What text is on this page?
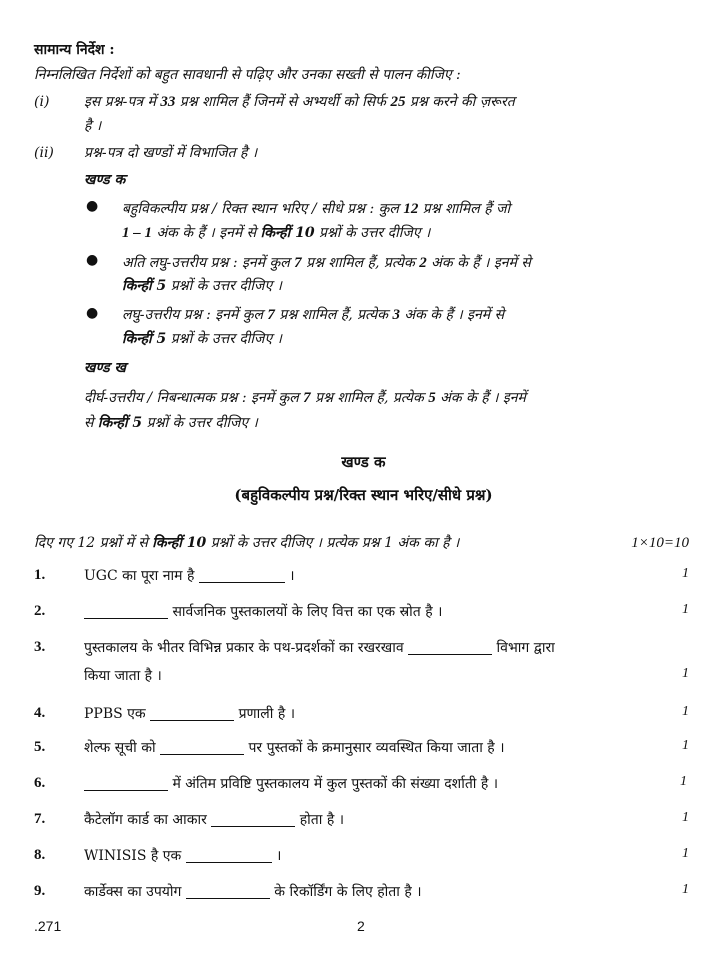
सामान्य निर्देश :
निम्नलिखित निर्देशों को बहुत सावधानी से पढ़िए और उनका सख्ती से पालन कीजिए :
(i) इस प्रश्न-पत्र में 33 प्रश्न शामिल हैं जिनमें से अभ्यर्थी को सिर्फ 25 प्रश्न करने की ज़रूरत
है ।
(ii) प्रश्न-पत्र दो खण्डों में विभाजित है ।
खण्ड क
● बहुविकल्पीय प्रश्न / रिक्त स्थान भरिए / सीधे प्रश्न : कुल 12 प्रश्न शामिल हैं जो
1 – 1 अंक के हैं । इनमें से किन्हीं 10 प्रश्नों के उत्तर दीजिए ।
● अति लघु-उत्तरीय प्रश्न : इनमें कुल 7 प्रश्न शामिल हैं, प्रत्येक 2 अंक के हैं । इनमें से
किन्हीं 5 प्रश्नों के उत्तर दीजिए ।
● लघु-उत्तरीय प्रश्न : इनमें कुल 7 प्रश्न शामिल हैं, प्रत्येक 3 अंक के हैं । इनमें से
किन्हीं 5 प्रश्नों के उत्तर दीजिए ।
खण्ड ख
दीर्घ-उत्तरीय / निबन्धात्मक प्रश्न : इनमें कुल 7 प्रश्न शामिल हैं, प्रत्येक 5 अंक के हैं । इनमें
से किन्हीं 5 प्रश्नों के उत्तर दीजिए ।
खण्ड क
(बहुविकल्पीय प्रश्न/रिक्त स्थान भरिए/सीधे प्रश्न)
दिए गए 12 प्रश्नों में से किन्हीं 10 प्रश्नों के उत्तर दीजिए । प्रत्येक प्रश्न 1 अंक का है ।	1×10=10
1.	UGC का पूरा नाम है	।	1
2.	सार्वजनिक पुस्तकालयों के लिए वित्त का एक स्रोत है ।	1
3.	पुस्तकालय के भीतर विभिन्न प्रकार के पथ-प्रदर्शकों का रखरखाव	विभाग द्वारा
किया जाता है ।	1
4.	PPBS एक	प्रणाली है ।	1
5.	शेल्फ सूची को	पर पुस्तकों के क्रमानुसार व्यवस्थित किया जाता है ।	1
6.	में अंतिम प्रविष्टि पुस्तकालय में कुल पुस्तकों की संख्या दर्शाती है ।	1
7.	कैटेलॉग कार्ड का आकार	होता है ।	1
8.	WINISIS है एक	।	1
9.	कार्डेक्स का उपयोग	के रिकॉर्डिंग के लिए होता है ।	1
.271	2
